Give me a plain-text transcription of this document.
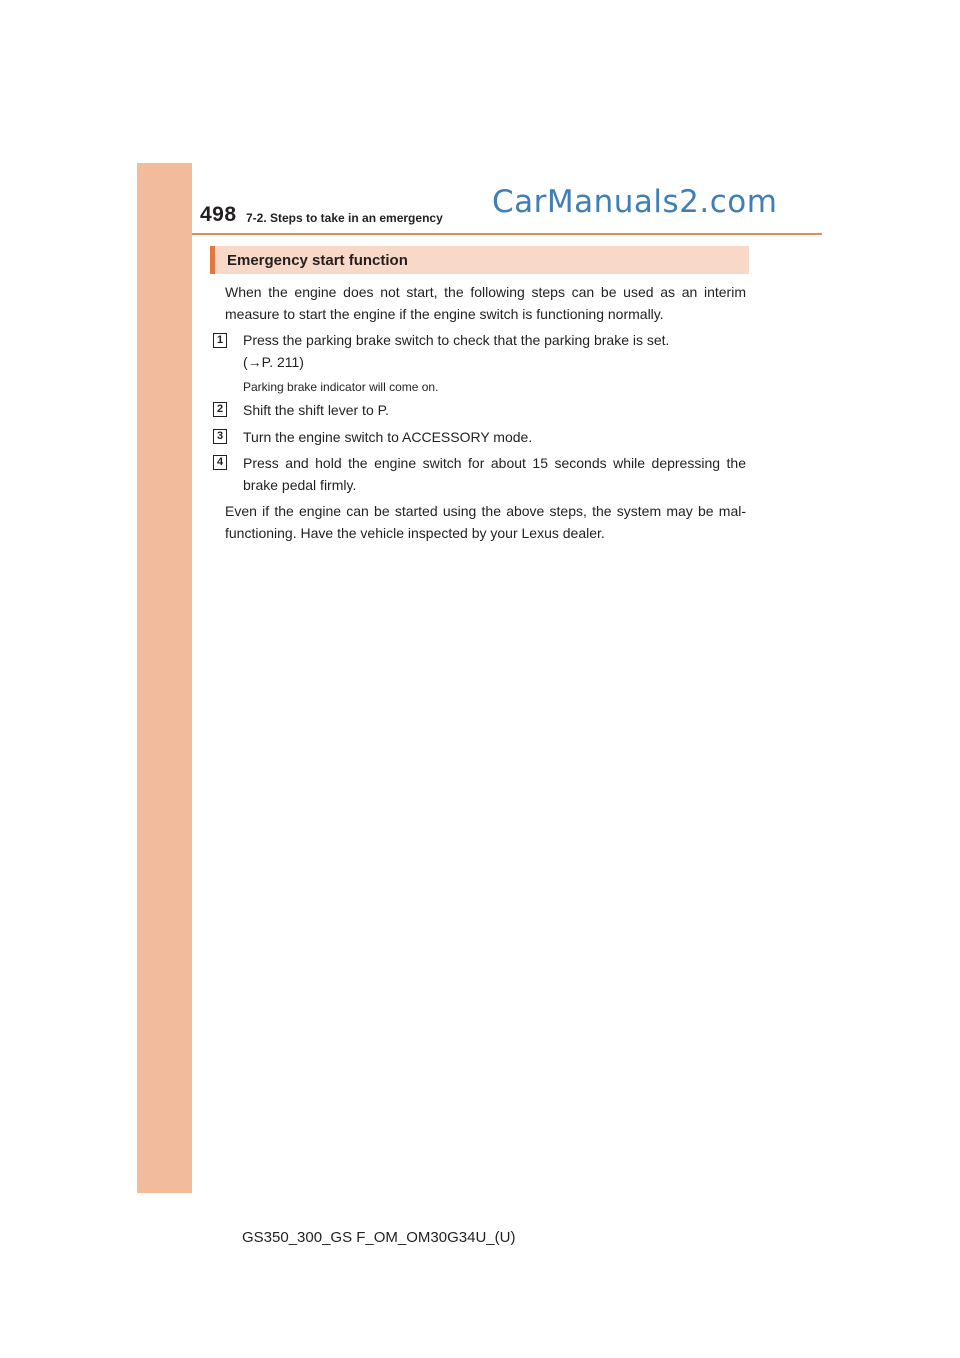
498 7-2. Steps to take in an emergency CarManuals2.com
Emergency start function
When the engine does not start, the following steps can be used as an interim measure to start the engine if the engine switch is functioning normally.
1 Press the parking brake switch to check that the parking brake is set.
(→P. 211)
Parking brake indicator will come on.
2 Shift the shift lever to P.
3 Turn the engine switch to ACCESSORY mode.
4 Press and hold the engine switch for about 15 seconds while depressing the brake pedal firmly.
Even if the engine can be started using the above steps, the system may be mal-functioning. Have the vehicle inspected by your Lexus dealer.
GS350_300_GS F_OM_OM30G34U_(U)
